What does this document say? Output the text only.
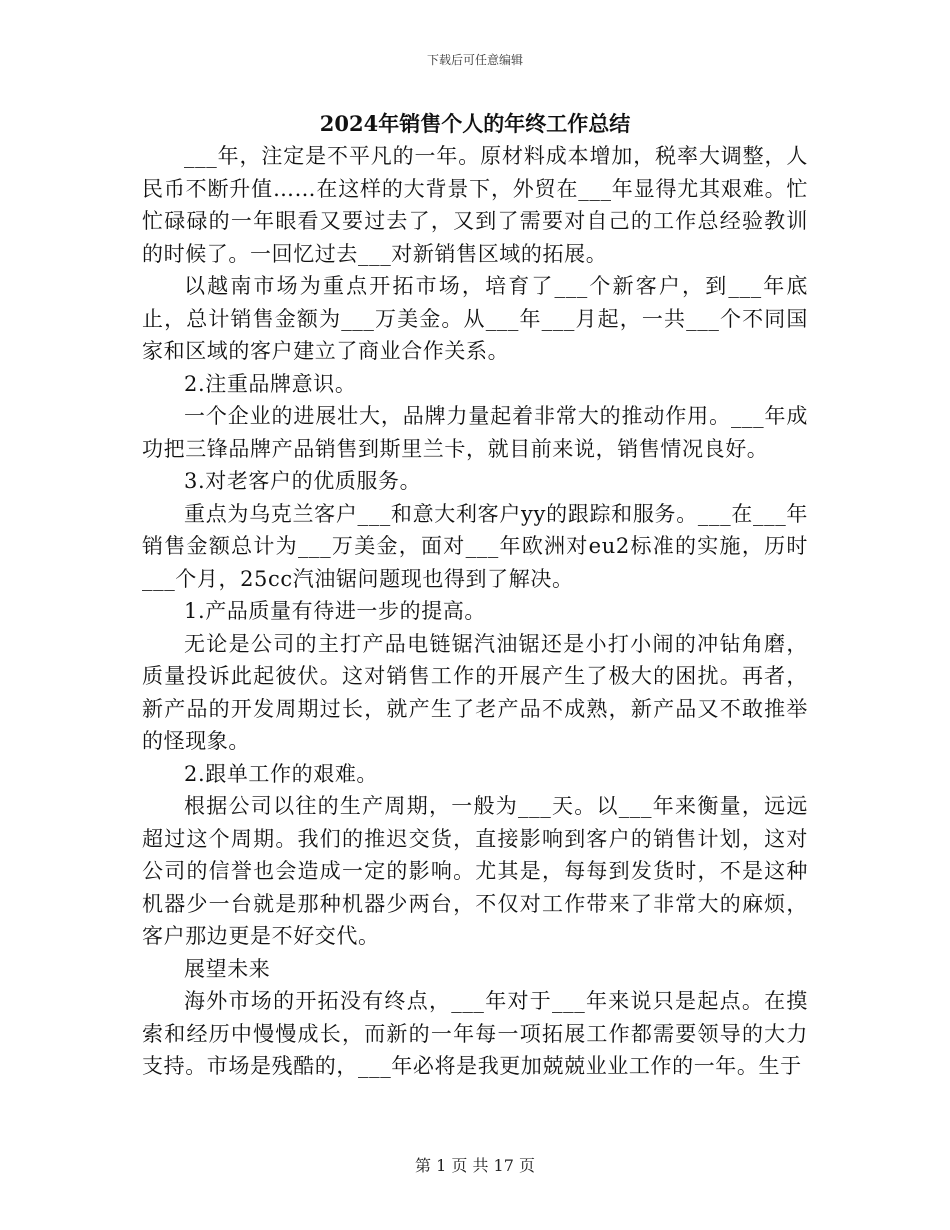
下载后可任意编辑
2024年销售个人的年终工作总结

___年，注定是不平凡的一年。原材料成本增加，税率大调整，人民币不断升值……在这样的大背景下，外贸在___年显得尤其艰难。忙忙碌碌的一年眼看又要过去了，又到了需要对自己的工作总经验教训的时候了。一回忆过去___对新销售区域的拓展。

以越南市场为重点开拓市场，培育了___个新客户，到___年底止，总计销售金额为___万美金。从___年___月起，一共___个不同国家和区域的客户建立了商业合作关系。

2.注重品牌意识。

一个企业的进展壮大，品牌力量起着非常大的推动作用。___年成功把三锋品牌产品销售到斯里兰卡，就目前来说，销售情况良好。

3.对老客户的优质服务。

重点为乌克兰客户___和意大利客户yy的跟踪和服务。___在___年销售金额总计为___万美金，面对___年欧洲对eu2标准的实施，历时___个月，25cc汽油锯问题现也得到了解决。

1.产品质量有待进一步的提高。

无论是公司的主打产品电链锯汽油锯还是小打小闹的冲钻角磨，质量投诉此起彼伏。这对销售工作的开展产生了极大的困扰。再者，新产品的开发周期过长，就产生了老产品不成熟，新产品又不敢推举的怪现象。

2.跟单工作的艰难。

根据公司以往的生产周期，一般为___天。以___年来衡量，远远超过这个周期。我们的推迟交货，直接影响到客户的销售计划，这对公司的信誉也会造成一定的影响。尤其是，每每到发货时，不是这种机器少一台就是那种机器少两台，不仅对工作带来了非常大的麻烦，客户那边更是不好交代。

展望未来

海外市场的开拓没有终点，___年对于___年来说只是起点。在摸索和经历中慢慢成长，而新的一年每一项拓展工作都需要领导的大力支持。市场是残酷的，___年必将是我更加兢兢业业工作的一年。生于

第 1 页 共 17 页
